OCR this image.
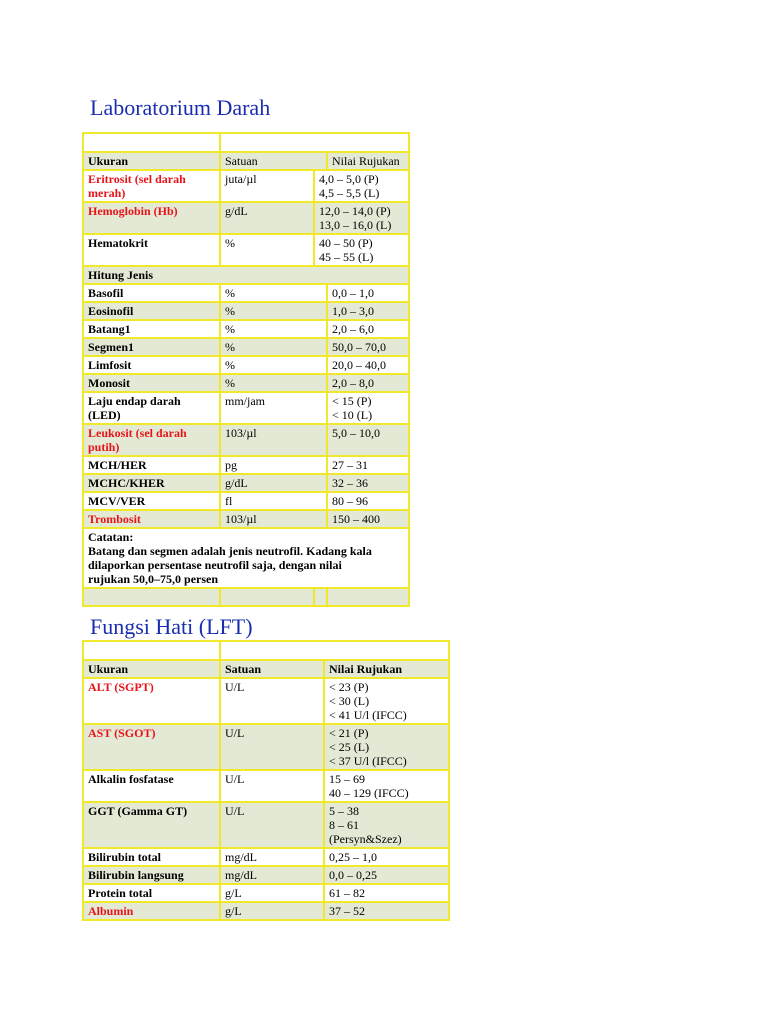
Laboratorium Darah

Ukuran	Satuan		Nilai Rujukan
Eritrosit (sel darah merah)	juta/µl	4,0 – 5,0 (P)
4,5 – 5,5 (L)	

Hemoglobin (Hb)	g/dL	12,0 – 14,0 (P)
13,0 – 16,0 (L)	

Hematokrit	%	40 – 50 (P)
45 – 55 (L)	

Hitung Jenis			
Basofil	%		0,0 – 1,0

Eosinofil	%		1,0 – 3,0

Batang1	%		2,0 – 6,0

Segmen1	%		50,0 – 70,0

Limfosit	%		20,0 – 40,0

Monosit	%		2,0 – 8,0

Laju endap darah (LED)	mm/jam		< 15 (P)
< 10 (L)

Leukosit (sel darah putih)	103/µl		5,0 – 10,0

MCH/HER	pg		27 – 31

MCHC/KHER	g/dL		32 – 36

MCV/VER	fl		80 – 96

Trombosit	103/µl		150 – 400

Catatan:
Batang dan segmen adalah jenis neutrofil. Kadang kala
dilaporkan persentase neutrofil saja, dengan nilai
rujukan 50,0–75,0 persen			

Fungsi Hati (LFT)

Ukuran	Satuan	Nilai Rujukan
ALT (SGPT)	U/L	< 23 (P)
< 30 (L)
< 41 U/l (IFCC)

AST (SGOT)	U/L	< 21 (P)
< 25 (L)
< 37 U/l (IFCC)

Alkalin fosfatase	U/L	15 – 69
40 – 129 (IFCC)

GGT (Gamma GT)	U/L	5 – 38
8 – 61
(Persyn&Szez)

Bilirubin total	mg/dL	0,25 – 1,0

Bilirubin langsung	mg/dL	0,0 – 0,25

Protein total	g/L	61 – 82

Albumin	g/L	37 – 52
